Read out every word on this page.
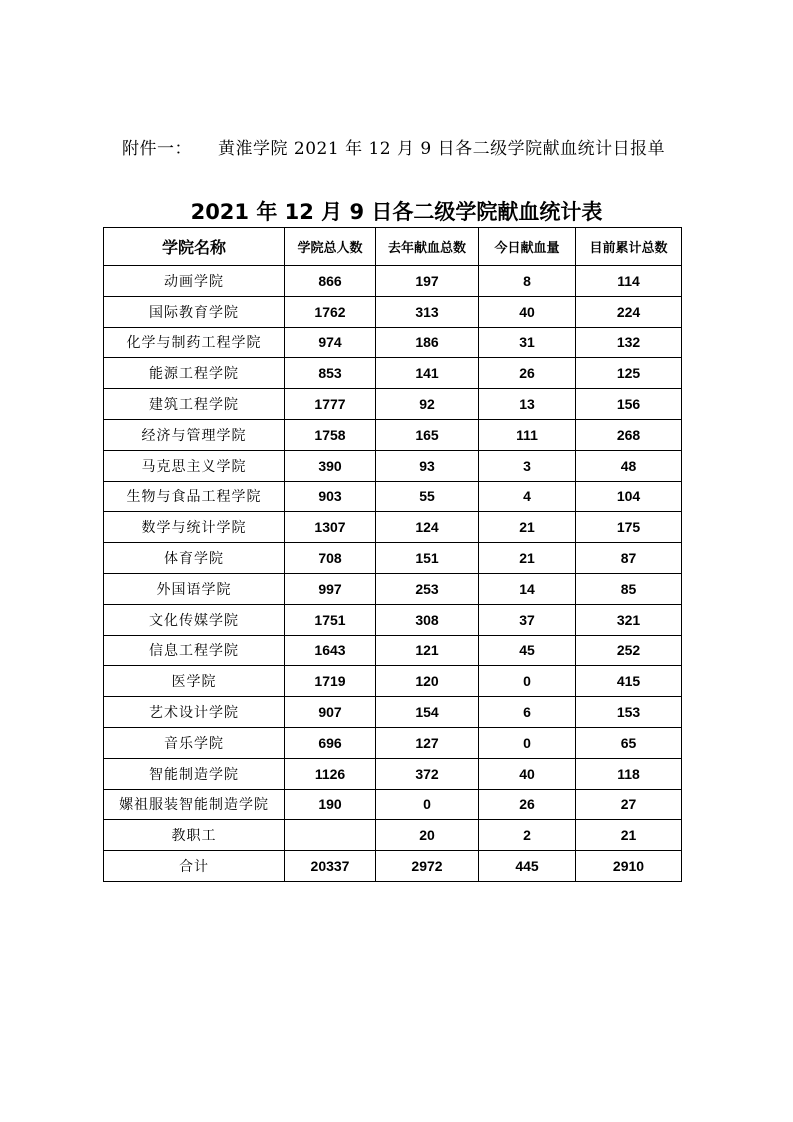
附件一： 黄淮学院 2021 年 12 月 9 日各二级学院献血统计日报单
2021 年 12 月 9 日各二级学院献血统计表
学院名称	学院总人数	去年献血总数	今日献血量	目前累计总数
动画学院	866	197	8	114
国际教育学院	1762	313	40	224
化学与制药工程学院	974	186	31	132
能源工程学院	853	141	26	125
建筑工程学院	1777	92	13	156
经济与管理学院	1758	165	111	268
马克思主义学院	390	93	3	48
生物与食品工程学院	903	55	4	104
数学与统计学院	1307	124	21	175
体育学院	708	151	21	87
外国语学院	997	253	14	85
文化传媒学院	1751	308	37	321
信息工程学院	1643	121	45	252
医学院	1719	120	0	415
艺术设计学院	907	154	6	153
音乐学院	696	127	0	65
智能制造学院	1126	372	40	118
嫘祖服装智能制造学院	190	0	26	27
教职工		20	2	21
合计	20337	2972	445	2910
